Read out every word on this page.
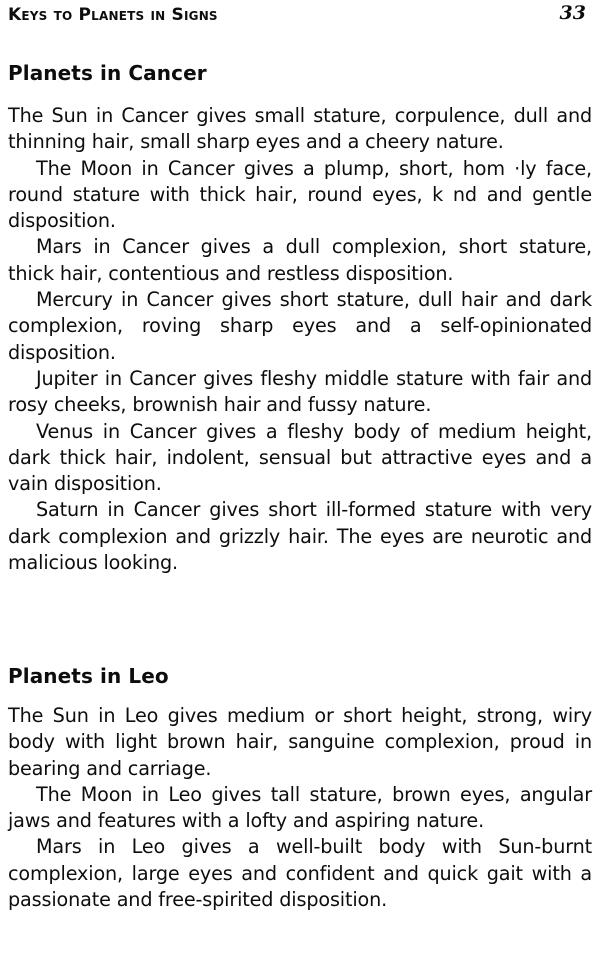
Keys to Planets in Signs	33
Planets in Cancer

The Sun in Cancer gives small stature, corpulence, dull and thinning hair, small sharp eyes and a cheery nature.

The Moon in Cancer gives a plump, short, hom ·ly face, round stature with thick hair, round eyes, k nd and gentle disposition.

Mars in Cancer gives a dull complexion, short stature, thick hair, contentious and restless disposition.

Mercury in Cancer gives short stature, dull hair and dark complexion, roving sharp eyes and a self-opinionated disposition.

Jupiter in Cancer gives fleshy middle stature with fair and rosy cheeks, brownish hair and fussy nature.

Venus in Cancer gives a fleshy body of medium height, dark thick hair, indolent, sensual but attractive eyes and a vain disposition.

Saturn in Cancer gives short ill-formed stature with very dark complexion and grizzly hair. The eyes are neurotic and malicious looking.

Planets in Leo

The Sun in Leo gives medium or short height, strong, wiry body with light brown hair, sanguine complexion, proud in bearing and carriage.

The Moon in Leo gives tall stature, brown eyes, angular jaws and features with a lofty and aspiring nature.

Mars in Leo gives a well-built body with Sun-burnt complexion, large eyes and confident and quick gait with a passionate and free-spirited disposition.
